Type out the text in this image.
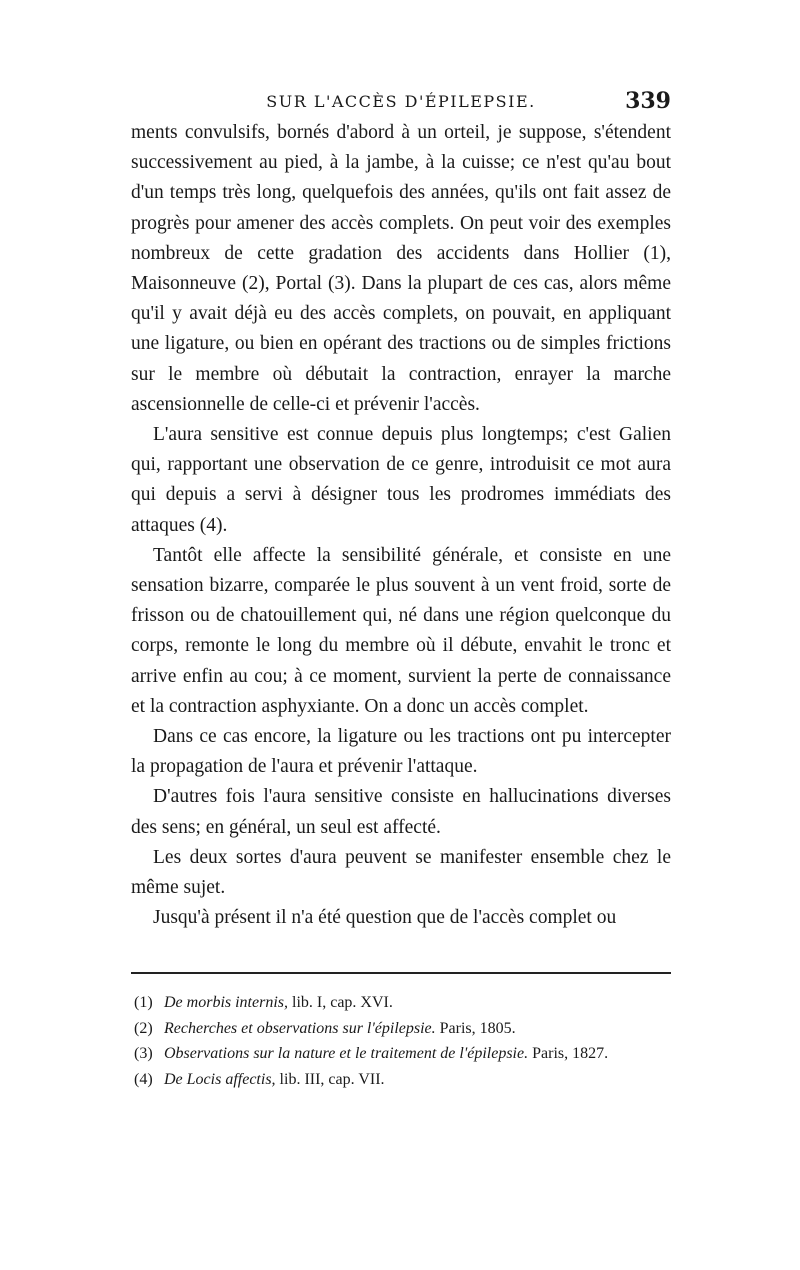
SUR L'ACCÈS D'ÉPILEPSIE.	339

ments convulsifs, bornés d'abord à un orteil, je suppose, s'étendent successivement au pied, à la jambe, à la cuisse; ce n'est qu'au bout d'un temps très long, quelquefois des années, qu'ils ont fait assez de progrès pour amener des accès complets. On peut voir des exemples nombreux de cette gradation des accidents dans Hollier (1), Maisonneuve (2), Portal (3). Dans la plupart de ces cas, alors même qu'il y avait déjà eu des accès complets, on pouvait, en appliquant une ligature, ou bien en opérant des tractions ou de simples frictions sur le membre où débutait la contraction, enrayer la marche ascensionnelle de celle-ci et prévenir l'accès.

L'aura sensitive est connue depuis plus longtemps; c'est Galien qui, rapportant une observation de ce genre, introduisit ce mot aura qui depuis a servi à désigner tous les prodromes immédiats des attaques (4).

Tantôt elle affecte la sensibilité générale, et consiste en une sensation bizarre, comparée le plus souvent à un vent froid, sorte de frisson ou de chatouillement qui, né dans une région quelconque du corps, remonte le long du membre où il débute, envahit le tronc et arrive enfin au cou; à ce moment, survient la perte de connaissance et la contraction asphyxiante. On a donc un accès complet.

Dans ce cas encore, la ligature ou les tractions ont pu intercepter la propagation de l'aura et prévenir l'attaque.

D'autres fois l'aura sensitive consiste en hallucinations diverses des sens; en général, un seul est affecté.

Les deux sortes d'aura peuvent se manifester ensemble chez le même sujet.

Jusqu'à présent il n'a été question que de l'accès complet ou

(1) De morbis internis, lib. I, cap. XVI.
(2) Recherches et observations sur l'épilepsie. Paris, 1805.
(3) Observations sur la nature et le traitement de l'épilepsie. Paris, 1827.
(4) De Locis affectis, lib. III, cap. VII.
